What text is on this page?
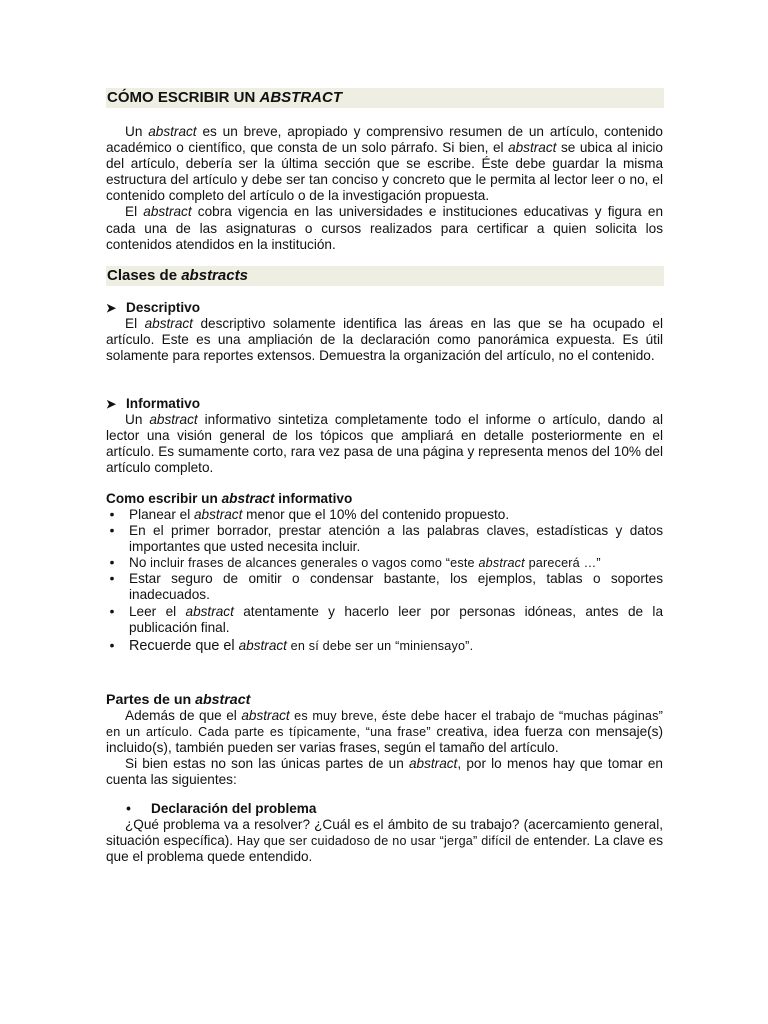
CÓMO ESCRIBIR UN ABSTRACT

Un abstract es un breve, apropiado y comprensivo resumen de un artículo, contenido académico o científico, que consta de un solo párrafo. Si bien, el abstract se ubica al inicio del artículo, debería ser la última sección que se escribe. Éste debe guardar la misma estructura del artículo y debe ser tan conciso y concreto que le permita al lector leer o no, el contenido completo del artículo o de la investigación propuesta.

El abstract cobra vigencia en las universidades e instituciones educativas y figura en cada una de las asignaturas o cursos realizados para certificar a quien solicita los contenidos atendidos en la institución.

Clases de abstracts
➤ Descriptivo

El abstract descriptivo solamente identifica las áreas en las que se ha ocupado el artículo. Este es una ampliación de la declaración como panorámica expuesta. Es útil solamente para reportes extensos. Demuestra la organización del artículo, no el contenido.

➤ Informativo

Un abstract informativo sintetiza completamente todo el informe o artículo, dando al lector una visión general de los tópicos que ampliará en detalle posteriormente en el artículo. Es sumamente corto, rara vez pasa de una página y representa menos del 10% del artículo completo.

Como escribir un abstract informativo
• Planear el abstract menor que el 10% del contenido propuesto.
• En el primer borrador, prestar atención a las palabras claves, estadísticas y datos importantes que usted necesita incluir.
• No incluir frases de alcances generales o vagos como “este abstract parecerá …”
• Estar seguro de omitir o condensar bastante, los ejemplos, tablas o soportes inadecuados.
• Leer el abstract atentamente y hacerlo leer por personas idóneas, antes de la publicación final.
• Recuerde que el abstract en sí debe ser un “miniensayo”.
Partes de un abstract

Además de que el abstract es muy breve, éste debe hacer el trabajo de “muchas páginas” en un artículo. Cada parte es típicamente, “una frase” creativa, idea fuerza con mensaje(s) incluido(s), también pueden ser varias frases, según el tamaño del artículo.

Si bien estas no son las únicas partes de un abstract, por lo menos hay que tomar en cuenta las siguientes:

•	Declaración del problema

¿Qué problema va a resolver? ¿Cuál es el ámbito de su trabajo? (acercamiento general, situación específica). Hay que ser cuidadoso de no usar “jerga” difícil de entender. La clave es que el problema quede entendido.
